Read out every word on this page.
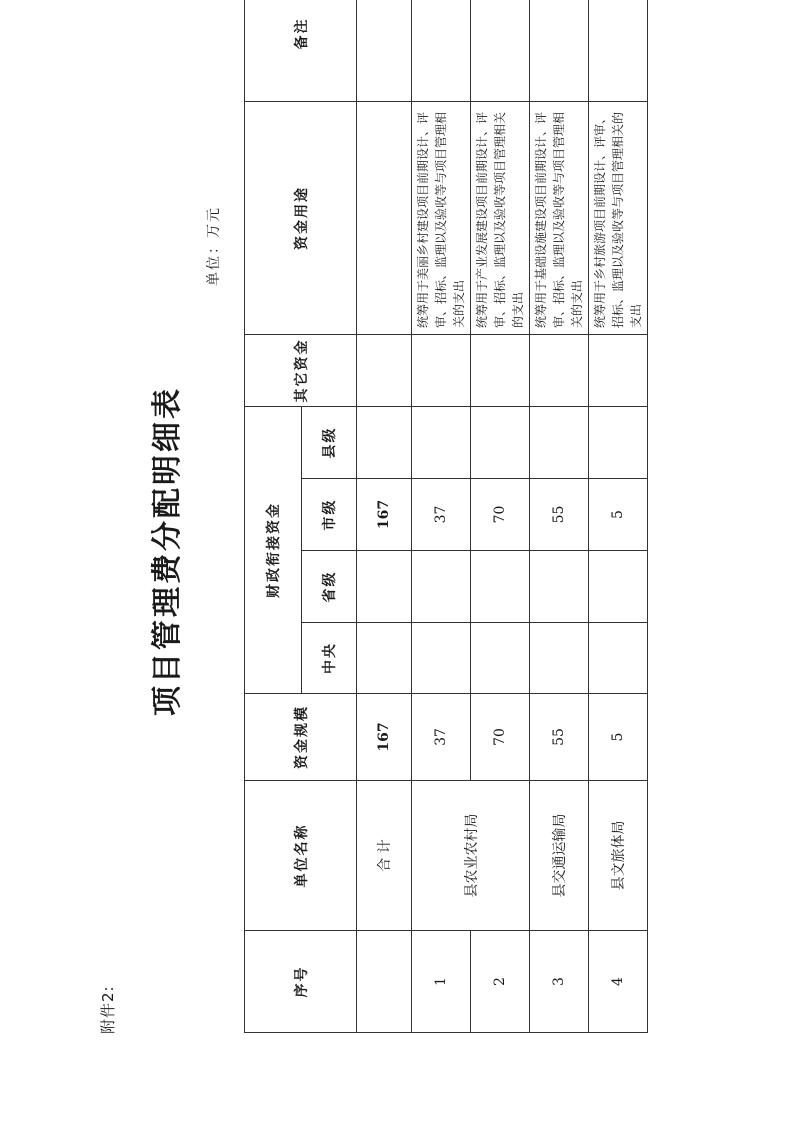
附件2:
项目管理费分配明细表
单位：万元
序号	单位名称	资金规模	财政衔接资金				其它资金	资金用途	备注
			中央	省级	市级	县级			
	合 计	167			167				
1	县农业农村局	37			37			统筹用于美丽乡村建设项目前期设计、评审、招标、监理以及验收等与项目管理相关的支出	
2		70			70			统筹用于产业发展建设项目前期设计、评审、招标、监理以及验收等项目管理相关的支出	
3	县交通运输局	55			55			统筹用于基础设施建设项目前期设计、评审、招标、监理以及验收等与项目管理相关的支出	
4	县文旅体局	5			5			统筹用于乡村旅游项目前期设计、评审、招标、监理以及验收等与项目管理相关的支出	
